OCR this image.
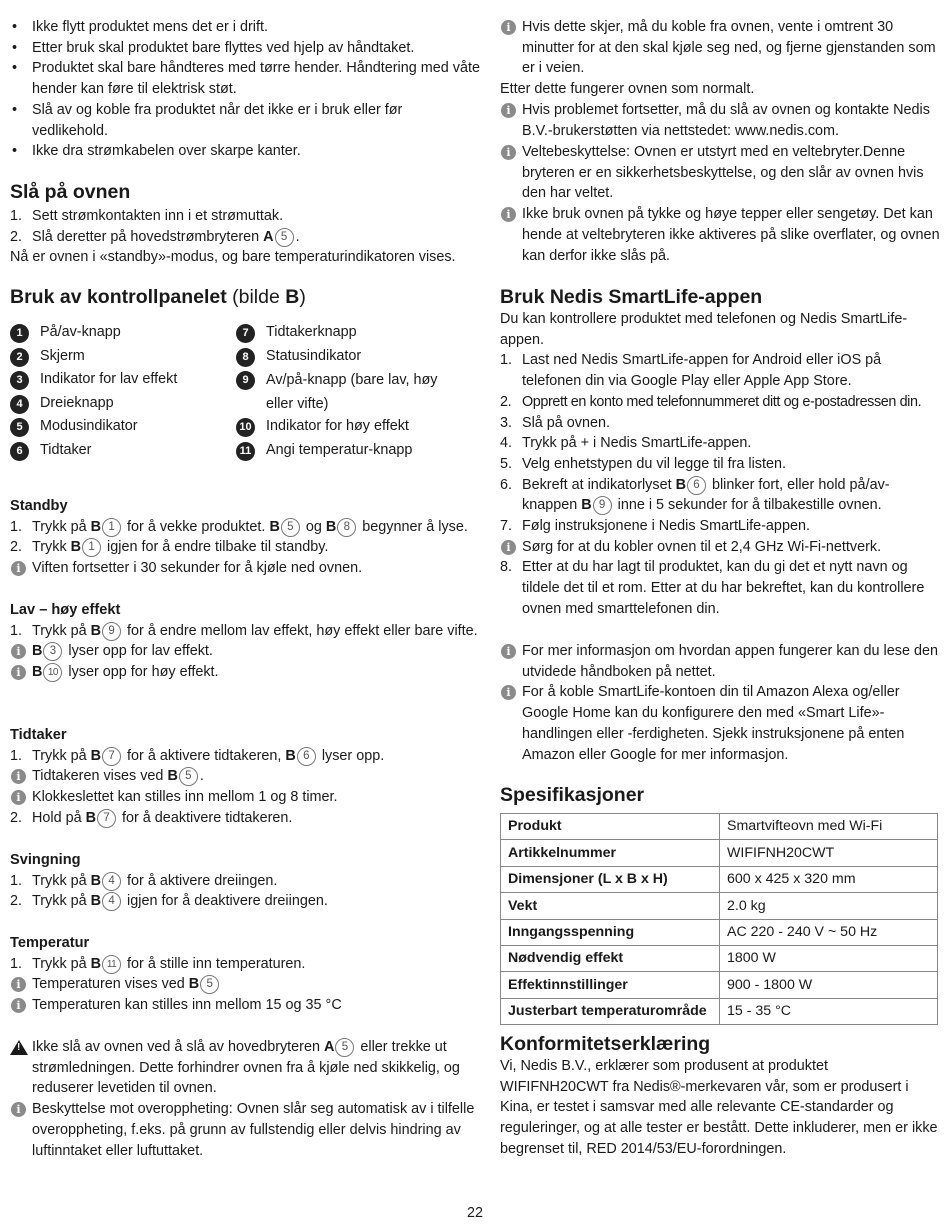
• Ikke flytt produktet mens det er i drift.
• Etter bruk skal produktet bare flyttes ved hjelp av håndtaket.
• Produktet skal bare håndteres med tørre hender. Håndtering med våte hender kan føre til elektrisk støt.
• Slå av og koble fra produktet når det ikke er i bruk eller før vedlikehold.
• Ikke dra strømkabelen over skarpe kanter.
Slå på ovnen
1. Sett strømkontakten inn i et strømuttak.
2. Slå deretter på hovedstrømbryteren A 5 .
Nå er ovnen i «standby»-modus, og bare temperaturindikatoren vises.
Bruk av kontrollpanelet (bilde B)
1	På/av-knapp
2	Skjerm
3	Indikator for lav effekt
4	Dreieknapp
5	Modusindikator
6	Tidtaker
7	Tidtakerknapp
8	Statusindikator
9	Av/på-knapp (bare lav, høy eller vifte)
10 Indikator for høy effekt
11 Angi temperatur-knapp
Standby
1. Trykk på B 1 for å vekke produktet. B 5 og B 8 begynner å lyse.
2. Trykk B 1 igjen for å endre tilbake til standby.
i
Viften fortsetter i 30 sekunder for å kjøle ned ovnen.
Lav – høy effekt
1. Trykk på B 9 for å endre mellom lav effekt, høy effekt eller bare vifte.
i
B 3 lyser opp for lav effekt.
i
B 10 lyser opp for høy effekt.
Tidtaker
1. Trykk på B 7 for å aktivere tidtakeren, B 6 lyser opp.
i
Tidtakeren vises ved B 5 .
i
Klokkeslettet kan stilles inn mellom 1 og 8 timer.
2. Hold på B 7 for å deaktivere tidtakeren.
Svingning
1. Trykk på B 4 for å aktivere dreiingen.
2. Trykk på B 4 igjen for å deaktivere dreiingen.
Temperatur
1. Trykk på B 11 for å stille inn temperaturen.
i
Temperaturen vises ved B 5
i
Temperaturen kan stilles inn mellom 15 og 35 °C
!
Ikke slå av ovnen ved å slå av hovedbryteren A 5 eller trekke ut strømledningen. Dette forhindrer ovnen fra å kjøle ned skikkelig, og reduserer levetiden til ovnen.
i
Beskyttelse mot overoppheting: Ovnen slår seg automatisk av i tilfelle overoppheting, f.eks. på grunn av fullstendig eller delvis hindring av luftinntaket eller luftuttaket.
i
Hvis dette skjer, må du koble fra ovnen, vente i omtrent 30 minutter for at den skal kjøle seg ned, og fjerne gjenstanden som er i veien.
Etter dette fungerer ovnen som normalt.
i
Hvis problemet fortsetter, må du slå av ovnen og kontakte Nedis B.V.-brukerstøtten via nettstedet: www.nedis.com.
i
Veltebeskyttelse: Ovnen er utstyrt med en veltebryter.Denne bryteren er en sikkerhetsbeskyttelse, og den slår av ovnen hvis den har veltet.
i
Ikke bruk ovnen på tykke og høye tepper eller sengetøy. Det kan hende at veltebryteren ikke aktiveres på slike overflater, og ovnen kan derfor ikke slås på.
Bruk Nedis SmartLife-appen
Du kan kontrollere produktet med telefonen og Nedis SmartLife-appen.
1. Last ned Nedis SmartLife-appen for Android eller iOS på telefonen din via Google Play eller Apple App Store.
2. Opprett en konto med telefonnummeret ditt og e-postadressen din.
3. Slå på ovnen.
4. Trykk på + i Nedis SmartLife-appen.
5. Velg enhetstypen du vil legge til fra listen.
6. Bekreft at indikatorlyset B 6 blinker fort, eller hold på/av-knappen B 9 inne i 5 sekunder for å tilbakestille ovnen.
7. Følg instruksjonene i Nedis SmartLife-appen.
i
Sørg for at du kobler ovnen til et 2,4 GHz Wi-Fi-nettverk.
8. Etter at du har lagt til produktet, kan du gi det et nytt navn og tildele det til et rom. Etter at du har bekreftet, kan du kontrollere ovnen med smarttelefonen din.
i
For mer informasjon om hvordan appen fungerer kan du lese den utvidede håndboken på nettet.
i
For å koble SmartLife-kontoen din til Amazon Alexa og/eller Google Home kan du konfigurere den med «Smart Life»-handlingen eller -ferdigheten. Sjekk instruksjonene på enten Amazon eller Google for mer informasjon.
Spesifikasjoner
Produkt	Smartvifteovn med Wi-Fi
Artikkelnummer	WIFIFNH20CWT
Dimensjoner (L x B x H)	600 x 425 x 320 mm
Vekt	2.0 kg
Inngangsspenning	AC 220 - 240 V ~ 50 Hz
Nødvendig effekt	1800 W
Effektinnstillinger	900 - 1800 W
Justerbart temperaturområde	15 - 35 °C
Konformitetserklæring
Vi, Nedis B.V., erklærer som produsent at produktet WIFIFNH20CWT fra Nedis®-merkevaren vår, som er produsert i Kina, er testet i samsvar med alle relevante CE-standarder og reguleringer, og at alle tester er bestått. Dette inkluderer, men er ikke begrenset til, RED 2014/53/EU-forordningen.
22
